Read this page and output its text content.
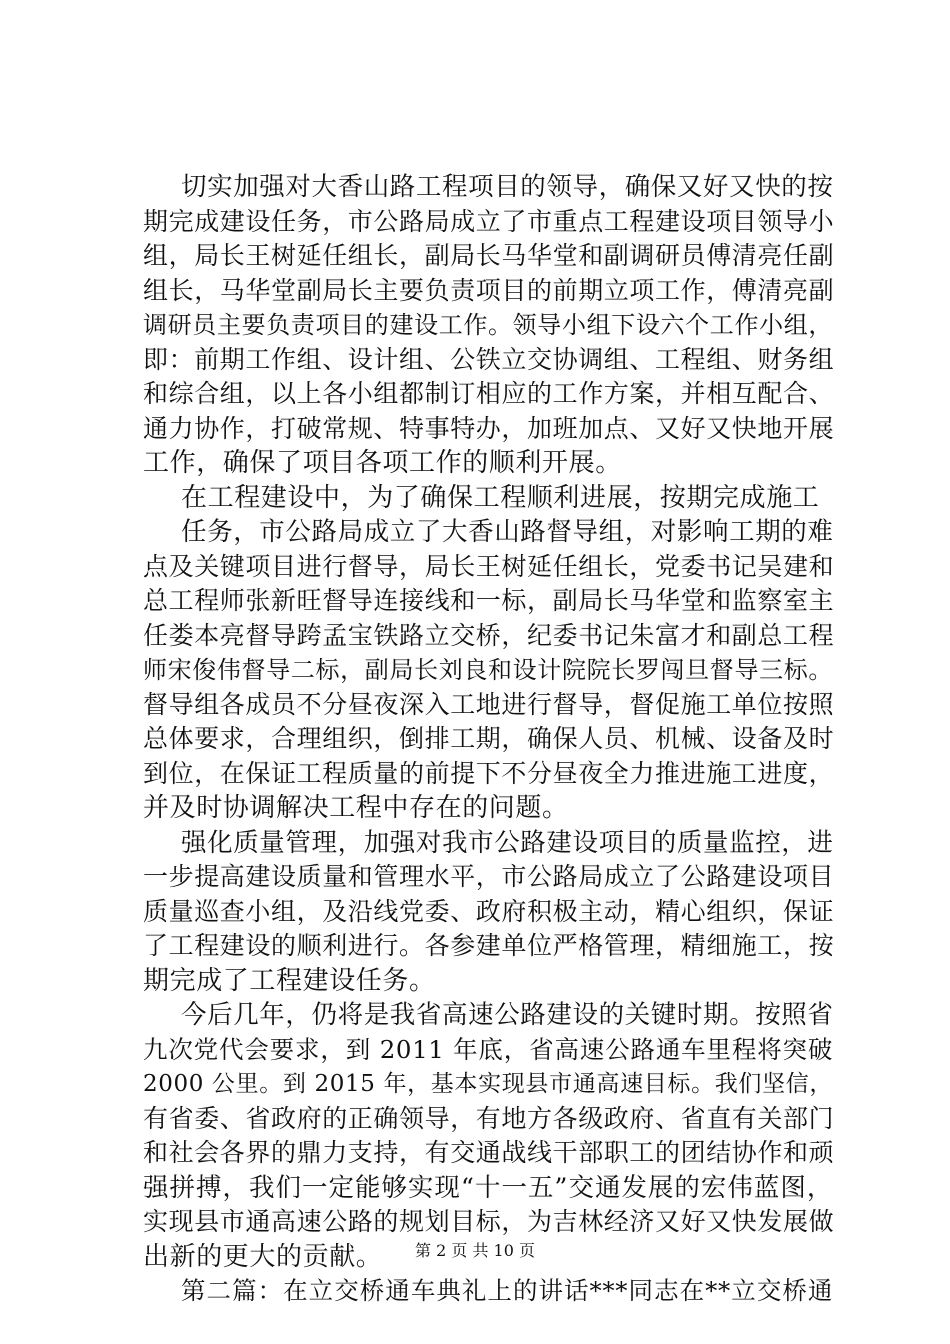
切实加强对大香山路工程项目的领导，确保又好又快的按
期完成建设任务，市公路局成立了市重点工程建设项目领导小
组，局长王树延任组长，副局长马华堂和副调研员傅清亮任副
组长，马华堂副局长主要负责项目的前期立项工作，傅清亮副
调研员主要负责项目的建设工作。领导小组下设六个工作小组，
即：前期工作组、设计组、公铁立交协调组、工程组、财务组
和综合组，以上各小组都制订相应的工作方案，并相互配合、
通力协作，打破常规、特事特办，加班加点、又好又快地开展
工作，确保了项目各项工作的顺利开展。
在工程建设中，为了确保工程顺利进展，按期完成施工
任务，市公路局成立了大香山路督导组，对影响工期的难
点及关键项目进行督导，局长王树延任组长，党委书记吴建和
总工程师张新旺督导连接线和一标，副局长马华堂和监察室主
任娄本亮督导跨孟宝铁路立交桥，纪委书记朱富才和副总工程
师宋俊伟督导二标，副局长刘良和设计院院长罗闯旦督导三标。
督导组各成员不分昼夜深入工地进行督导，督促施工单位按照
总体要求，合理组织，倒排工期，确保人员、机械、设备及时
到位，在保证工程质量的前提下不分昼夜全力推进施工进度，
并及时协调解决工程中存在的问题。
强化质量管理，加强对我市公路建设项目的质量监控，进
一步提高建设质量和管理水平，市公路局成立了公路建设项目
质量巡查小组，及沿线党委、政府积极主动，精心组织，保证
了工程建设的顺利进行。各参建单位严格管理，精细施工，按
期完成了工程建设任务。
今后几年，仍将是我省高速公路建设的关键时期。按照省
九次党代会要求，到 2011 年底，省高速公路通车里程将突破
2000 公里。到 2015 年，基本实现县市通高速目标。我们坚信，
有省委、省政府的正确领导，有地方各级政府、省直有关部门
和社会各界的鼎力支持，有交通战线干部职工的团结协作和顽
强拼搏，我们一定能够实现“十一五”交通发展的宏伟蓝图，
实现县市通高速公路的规划目标，为吉林经济又好又快发展做
出新的更大的贡献。
第二篇：在立交桥通车典礼上的讲话***同志在**立交桥通
第 2 页 共 10 页
